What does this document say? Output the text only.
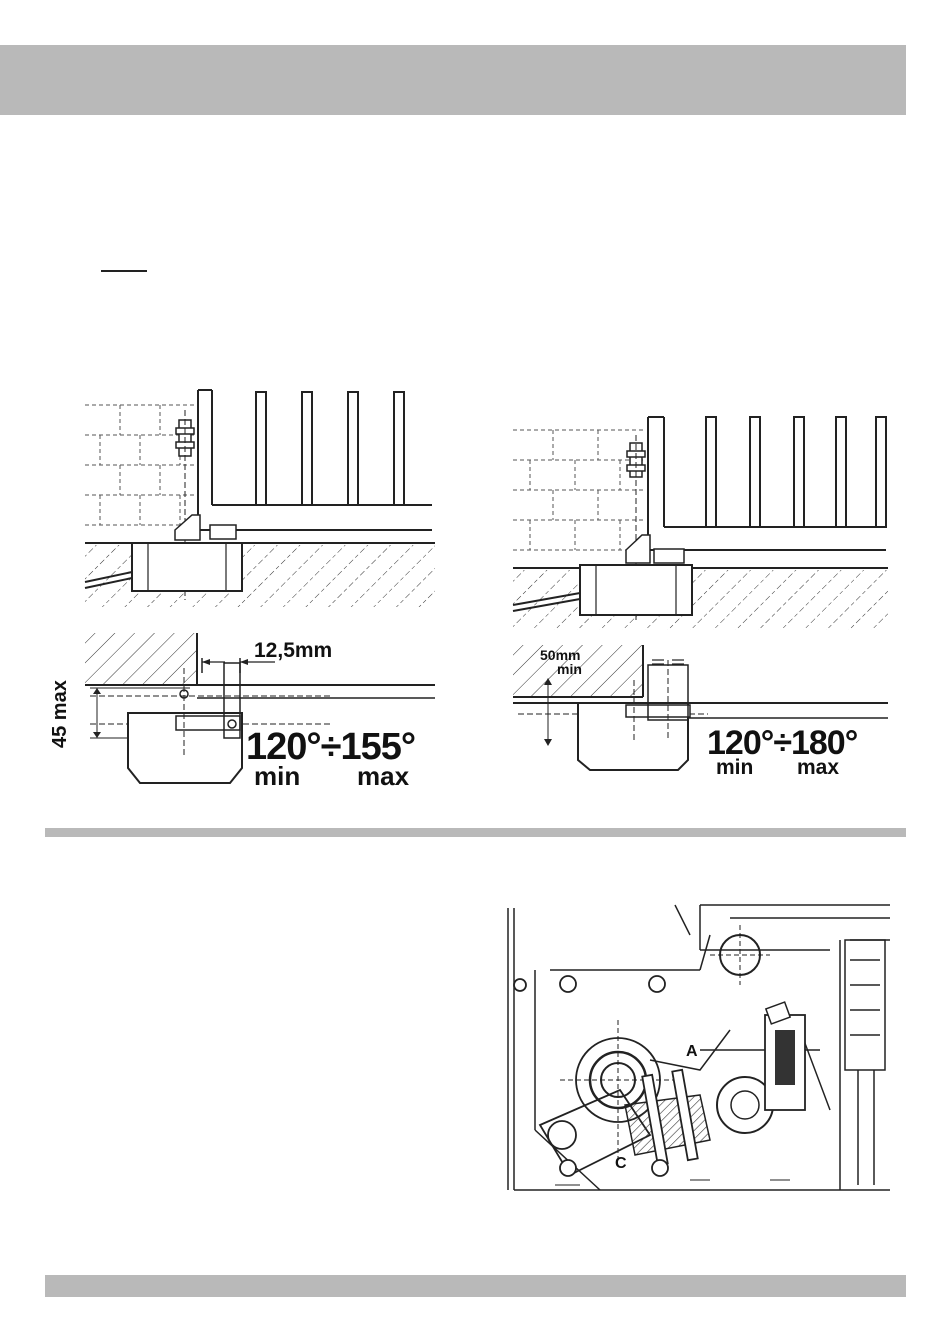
12,5mm
45 max	120°÷155°
min max
50mm
min
120°÷180°
min max
A
C
